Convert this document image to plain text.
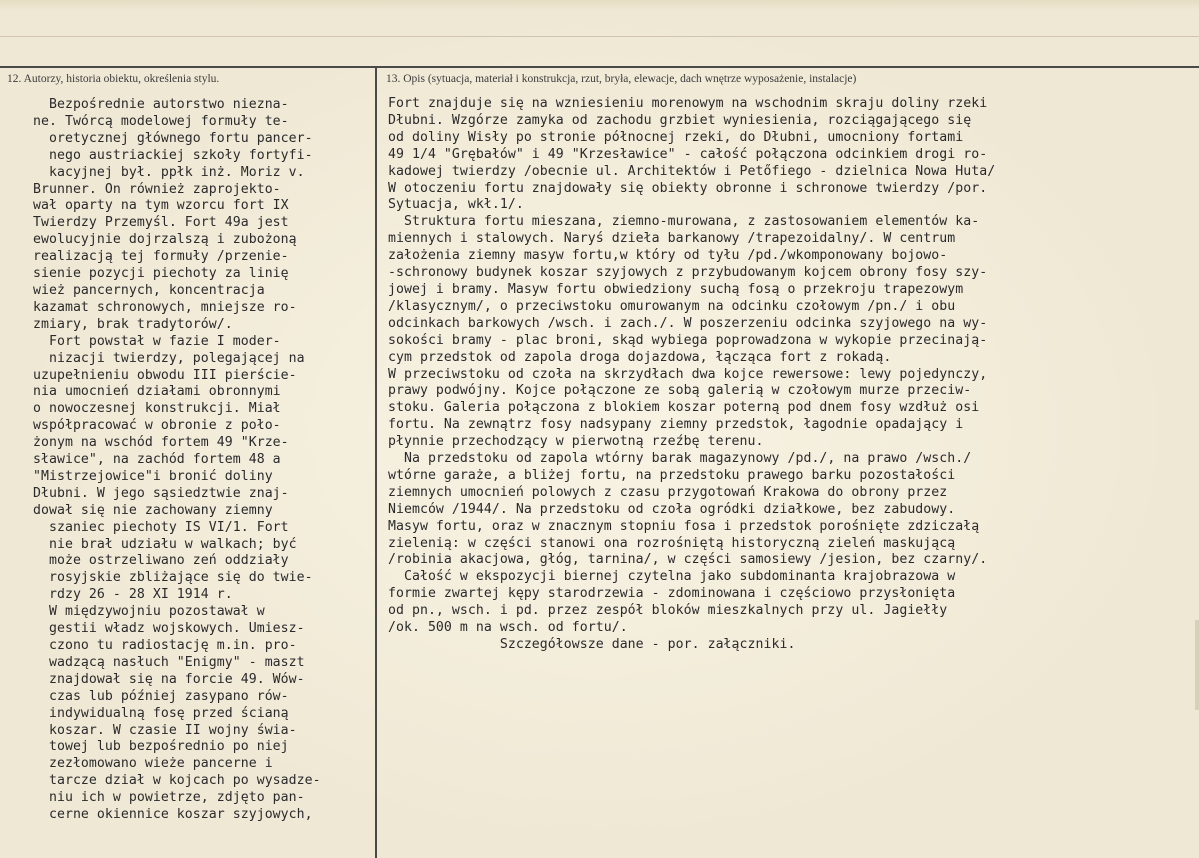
12. Autorzy, historia obiektu, określenia stylu.	13. Opis (sytuacja, materiał i konstrukcja, rzut, bryła, elewacje, dach wnętrze wyposażenie, instalacje)
Bezpośrednie autorstwo niezna-
ne. Twórcą modelowej formuły te-
oretycznej głównego fortu pancer-
nego austriackiej szkoły fortyfi-
kacyjnej był. ppłk inż. Moriz v.
Brunner. On również zaprojekto-
wał oparty na tym wzorcu fort IX
Twierdzy Przemyśl. Fort 49a jest
ewolucyjnie dojrzalszą i zubożoną
realizacją tej formuły /przenie-
sienie pozycji piechoty za linię
wież pancernych, koncentracja
kazamat schronowych, mniejsze ro-
zmiary, brak tradytorów/.
Fort powstał w fazie I moder-
nizacji twierdzy, polegającej na
uzupełnieniu obwodu III pierście-
nia umocnień działami obronnymi
o nowoczesnej konstrukcji. Miał
współpracować w obronie z poło-
żonym na wschód fortem 49 "Krze-
sławice", na zachód fortem 48 a
"Mistrzejowice"i bronić doliny
Dłubni. W jego sąsiedztwie znaj-
dował się nie zachowany ziemny
szaniec piechoty IS VI/1. Fort
nie brał udziału w walkach; być
może ostrzeliwano zeń oddziały
rosyjskie zbliżające się do twie-
rdzy 26 - 28 XI 1914 r.
W międzywojniu pozostawał w
gestii władz wojskowych. Umiesz-
czono tu radiostację m.in. pro-
wadzącą nasłuch "Enigmy" - maszt
znajdował się na forcie 49. Wów-
czas lub później zasypano rów-
indywidualną fosę przed ścianą
koszar. W czasie II wojny świa-
towej lub bezpośrednio po niej
zezłomowano wieże pancerne i
tarcze dział w kojcach po wysadze-
niu ich w powietrze, zdjęto pan-
cerne okiennice koszar szyjowych,
Fort znajduje się na wzniesieniu morenowym na wschodnim skraju doliny rzeki
Dłubni. Wzgórze zamyka od zachodu grzbiet wyniesienia, rozciągającego się
od doliny Wisły po stronie północnej rzeki, do Dłubni, umocniony fortami
49 1/4 "Grębałów" i 49 "Krzesławice" - całość połączona odcinkiem drogi ro-
kadowej twierdzy /obecnie ul. Architektów i Petőfiego - dzielnica Nowa Huta/
W otoczeniu fortu znajdowały się obiekty obronne i schronowe twierdzy /por.
Sytuacja, wkł.1/.
Struktura fortu mieszana, ziemno-murowana, z zastosowaniem elementów ka-
miennych i stalowych. Naryś dzieła barkanowy /trapezoidalny/. W centrum
założenia ziemny masyw fortu,w który od tyłu /pd./wkomponowany bojowo-
-schronowy budynek koszar szyjowych z przybudowanym kojcem obrony fosy szy-
jowej i bramy. Masyw fortu obwiedziony suchą fosą o przekroju trapezowym
/klasycznym/, o przeciwstoku omurowanym na odcinku czołowym /pn./ i obu
odcinkach barkowych /wsch. i zach./. W poszerzeniu odcinka szyjowego na wy-
sokości bramy - plac broni, skąd wybiega poprowadzona w wykopie przecinają-
cym przedstok od zapola droga dojazdowa, łącząca fort z rokadą.
W przeciwstoku od czoła na skrzydłach dwa kojce rewersowe: lewy pojedynczy,
prawy podwójny. Kojce połączone ze sobą galerią w czołowym murze przeciw-
stoku. Galeria połączona z blokiem koszar poterną pod dnem fosy wzdłuż osi
fortu. Na zewnątrz fosy nadsypany ziemny przedstok, łagodnie opadający i
płynnie przechodzący w pierwotną rzeźbę terenu.
Na przedstoku od zapola wtórny barak magazynowy /pd./, na prawo /wsch./
wtórne garaże, a bliżej fortu, na przedstoku prawego barku pozostałości
ziemnych umocnień polowych z czasu przygotowań Krakowa do obrony przez
Niemców /1944/. Na przedstoku od czoła ogródki działkowe, bez zabudowy.
Masyw fortu, oraz w znacznym stopniu fosa i przedstok porośnięte zdziczałą
zielenią: w części stanowi ona rozrośniętą historyczną zieleń maskującą
/robinia akacjowa, głóg, tarnina/, w części samosiewy /jesion, bez czarny/.
Całość w ekspozycji biernej czytelna jako subdominanta krajobrazowa w
formie zwartej kępy starodrzewia - zdominowana i częściowo przysłonięta
od pn., wsch. i pd. przez zespół bloków mieszkalnych przy ul. Jagiełły
/ok. 500 m na wsch. od fortu/.
Szczegółowsze dane - por. załączniki.
